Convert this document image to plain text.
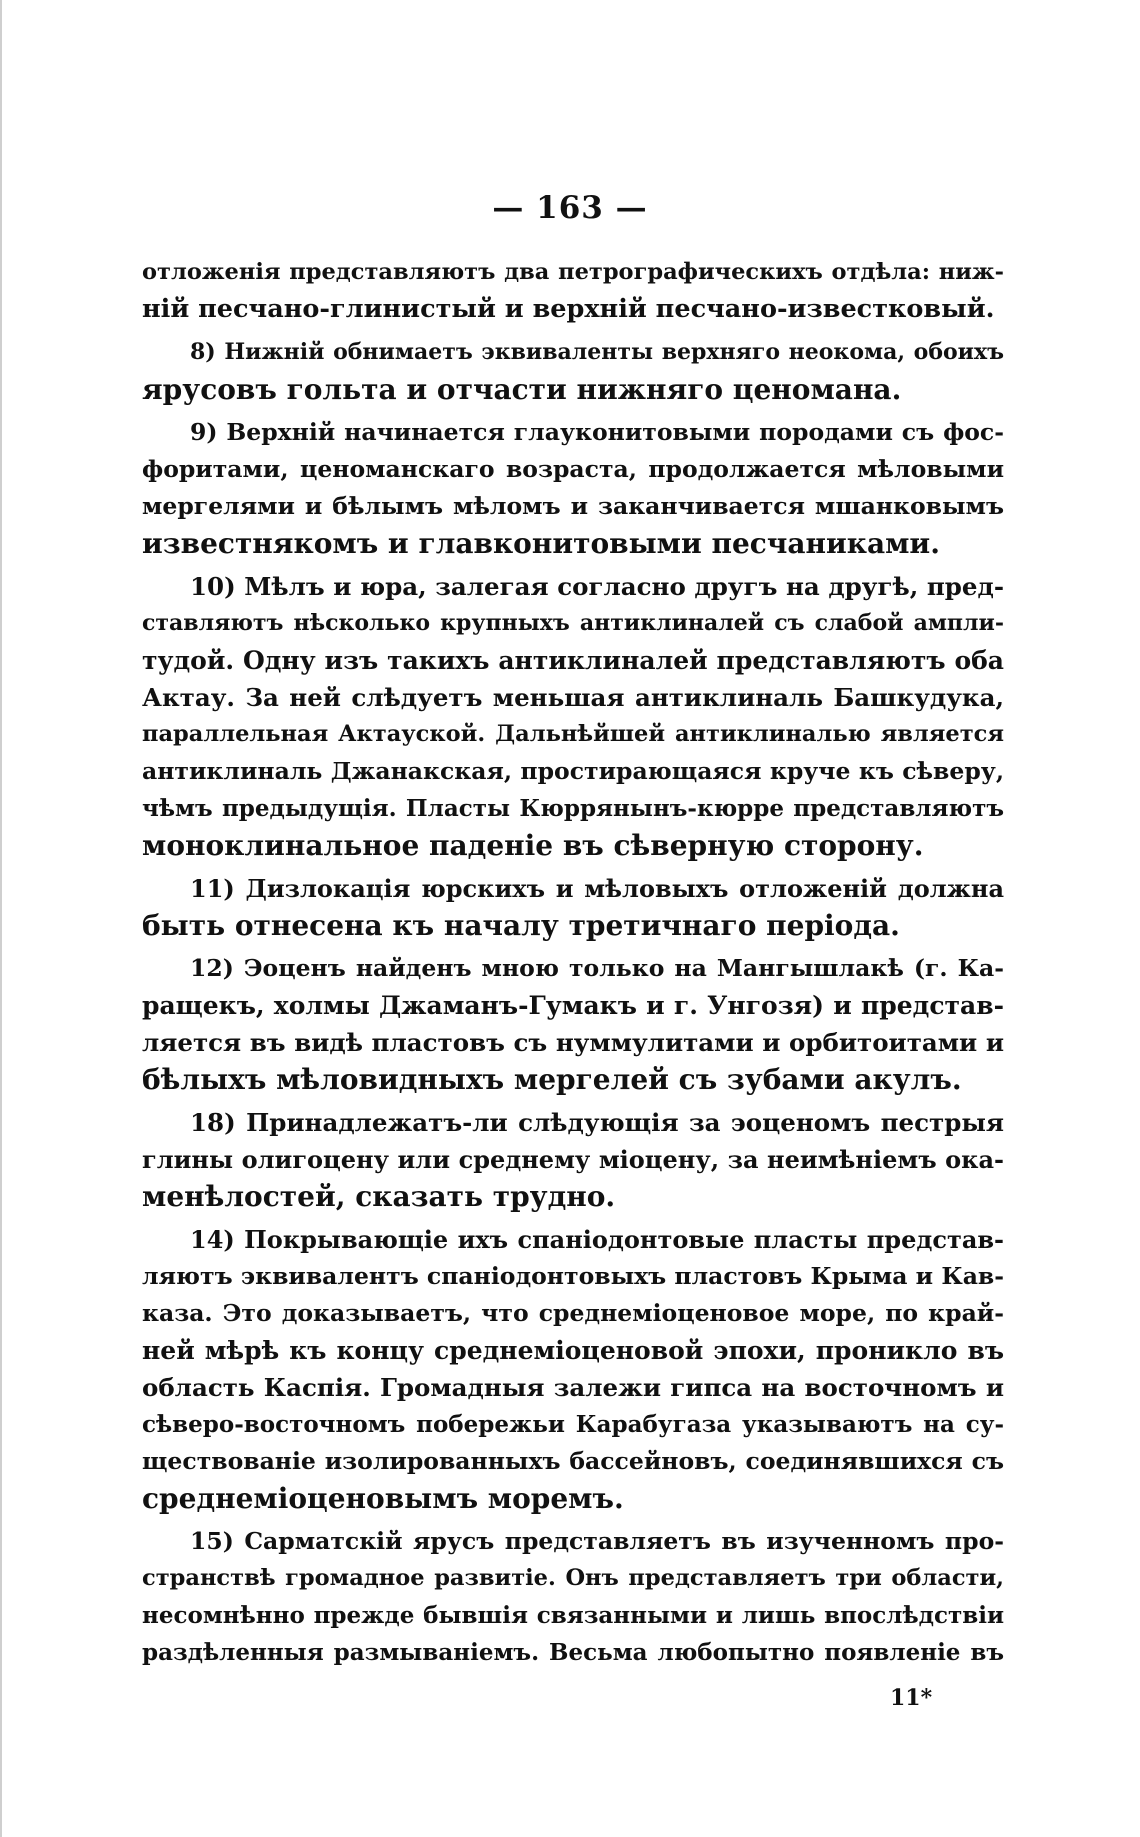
— 163 —

отложенія представляютъ два петрографическихъ отдѣла: ниж-
ній песчано-глинистый и верхній песчано-известковый.

8) Нижній обнимаетъ эквиваленты верхняго неокома, обоихъ
ярусовъ гольта и отчасти нижняго ценомана.

9) Верхній начинается глауконитовыми породами съ фос-
форитами, ценоманскаго возраста, продолжается мѣловыми
мергелями и бѣлымъ мѣломъ и заканчивается мшанковымъ
известнякомъ и главконитовыми песчаниками.

10) Мѣлъ и юра, залегая согласно другъ на другѣ, пред-
ставляютъ нѣсколько крупныхъ антиклиналей съ слабой ампли-
тудой. Одну изъ такихъ антиклиналей представляютъ оба
Актау. За ней слѣдуетъ меньшая антиклиналь Башкудука,
параллельная Актауской. Дальнѣйшей антиклиналью является
антиклиналь Джанакская, простирающаяся круче къ сѣверу,
чѣмъ предыдущія. Пласты Кюррянынъ-кюрре представляютъ
моноклинальное паденіе въ сѣверную сторону.

11) Дизлокація юрскихъ и мѣловыхъ отложеній должна
быть отнесена къ началу третичнаго періода.

12) Эоценъ найденъ мною только на Мангышлакѣ (г. Ка-
ращекъ, холмы Джаманъ-Гумакъ и г. Унгозя) и представ-
ляется въ видѣ пластовъ съ нуммулитами и орбитоитами и
бѣлыхъ мѣловидныхъ мергелей съ зубами акулъ.

18) Принадлежатъ-ли слѣдующія за эоценомъ пестрыя
глины олигоцену или среднему міоцену, за неимѣніемъ ока-
менѣлостей, сказать трудно.

14) Покрывающіе ихъ спаніодонтовые пласты представ-
ляютъ эквивалентъ спаніодонтовыхъ пластовъ Крыма и Кав-
каза. Это доказываетъ, что среднеміоценовое море, по край-
ней мѣрѣ къ концу среднеміоценовой эпохи, проникло въ
область Каспія. Громадныя залежи гипса на восточномъ и
сѣверо-восточномъ побережьи Карабугаза указываютъ на су-
ществованіе изолированныхъ бассейновъ, соединявшихся съ
среднеміоценовымъ моремъ.

15) Сарматскій ярусъ представляетъ въ изученномъ про-
странствѣ громадное развитіе. Онъ представляетъ три области,
несомнѣнно прежде бывшія связанными и лишь впослѣдствіи
раздѣленныя размываніемъ. Весьма любопытно появленіе въ

11*
